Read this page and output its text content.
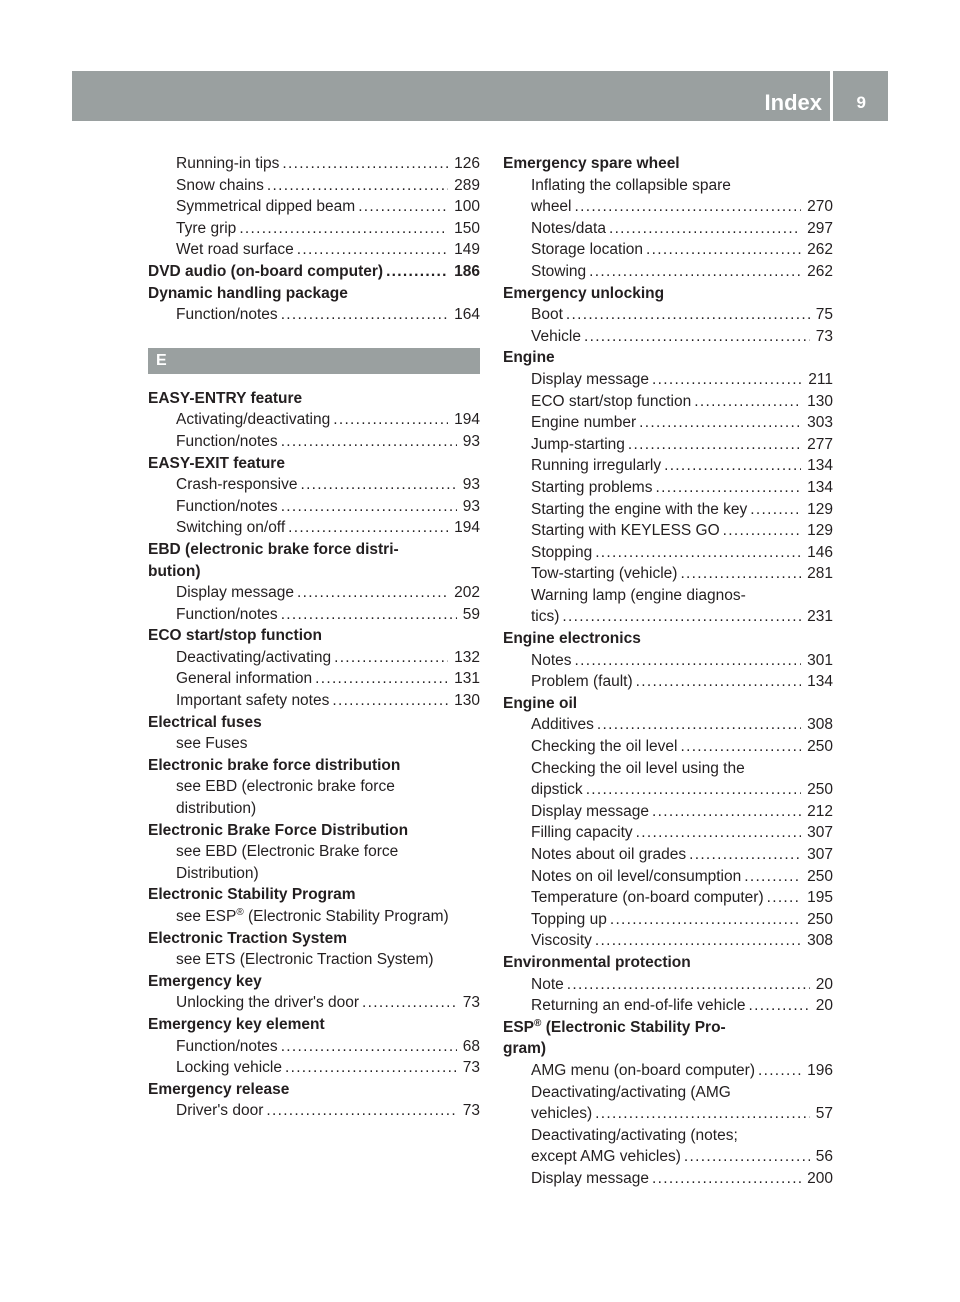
Index 9
Running-in tips .....	126
Snow chains .....	289
Symmetrical dipped beam .....	100
Tyre grip .....	150
Wet road surface .....	149
DVD audio (on-board computer) .....	186
Dynamic handling package
Function/notes .....	164
E
EASY-ENTRY feature
Activating/deactivating .....	194
Function/notes .....	93
EASY-EXIT feature
Crash-responsive .....	93
Function/notes .....	93
Switching on/off .....	194
EBD (electronic brake force distri-
bution)
Display message .....	202
Function/notes .....	59
ECO start/stop function
Deactivating/activating .....	132
General information .....	131
Important safety notes .....	130
Electrical fuses
see Fuses
Electronic brake force distribution
see EBD (electronic brake force
distribution)
Electronic Brake Force Distribution
see EBD (Electronic Brake force
Distribution)
Electronic Stability Program
see ESP® (Electronic Stability Program)
Electronic Traction System
see ETS (Electronic Traction System)
Emergency key
Unlocking the driver's door .....	73
Emergency key element
Function/notes .....	68
Locking vehicle .....	73
Emergency release
Driver's door .....	73
Emergency spare wheel
Inflating the collapsible spare
wheel .....	270
Notes/data .....	297
Storage location .....	262
Stowing .....	262
Emergency unlocking
Boot .....	75
Vehicle .....	73
Engine
Display message .....	211
ECO start/stop function .....	130
Engine number .....	303
Jump-starting .....	277
Running irregularly .....	134
Starting problems .....	134
Starting the engine with the key .....	129
Starting with KEYLESS GO .....	129
Stopping .....	146
Tow-starting (vehicle) .....	281
Warning lamp (engine diagnos-
tics) .....	231
Engine electronics
Notes .....	301
Problem (fault) .....	134
Engine oil
Additives .....	308
Checking the oil level .....	250
Checking the oil level using the
dipstick .....	250
Display message .....	212
Filling capacity .....	307
Notes about oil grades .....	307
Notes on oil level/consumption .....	250
Temperature (on-board computer) .....	195
Topping up .....	250
Viscosity .....	308
Environmental protection
Note .....	20
Returning an end-of-life vehicle .....	20
ESP® (Electronic Stability Pro-
gram)
AMG menu (on-board computer) .....	196
Deactivating/activating (AMG
vehicles) .....	57
Deactivating/activating (notes;
except AMG vehicles) .....	56
Display message .....	200
